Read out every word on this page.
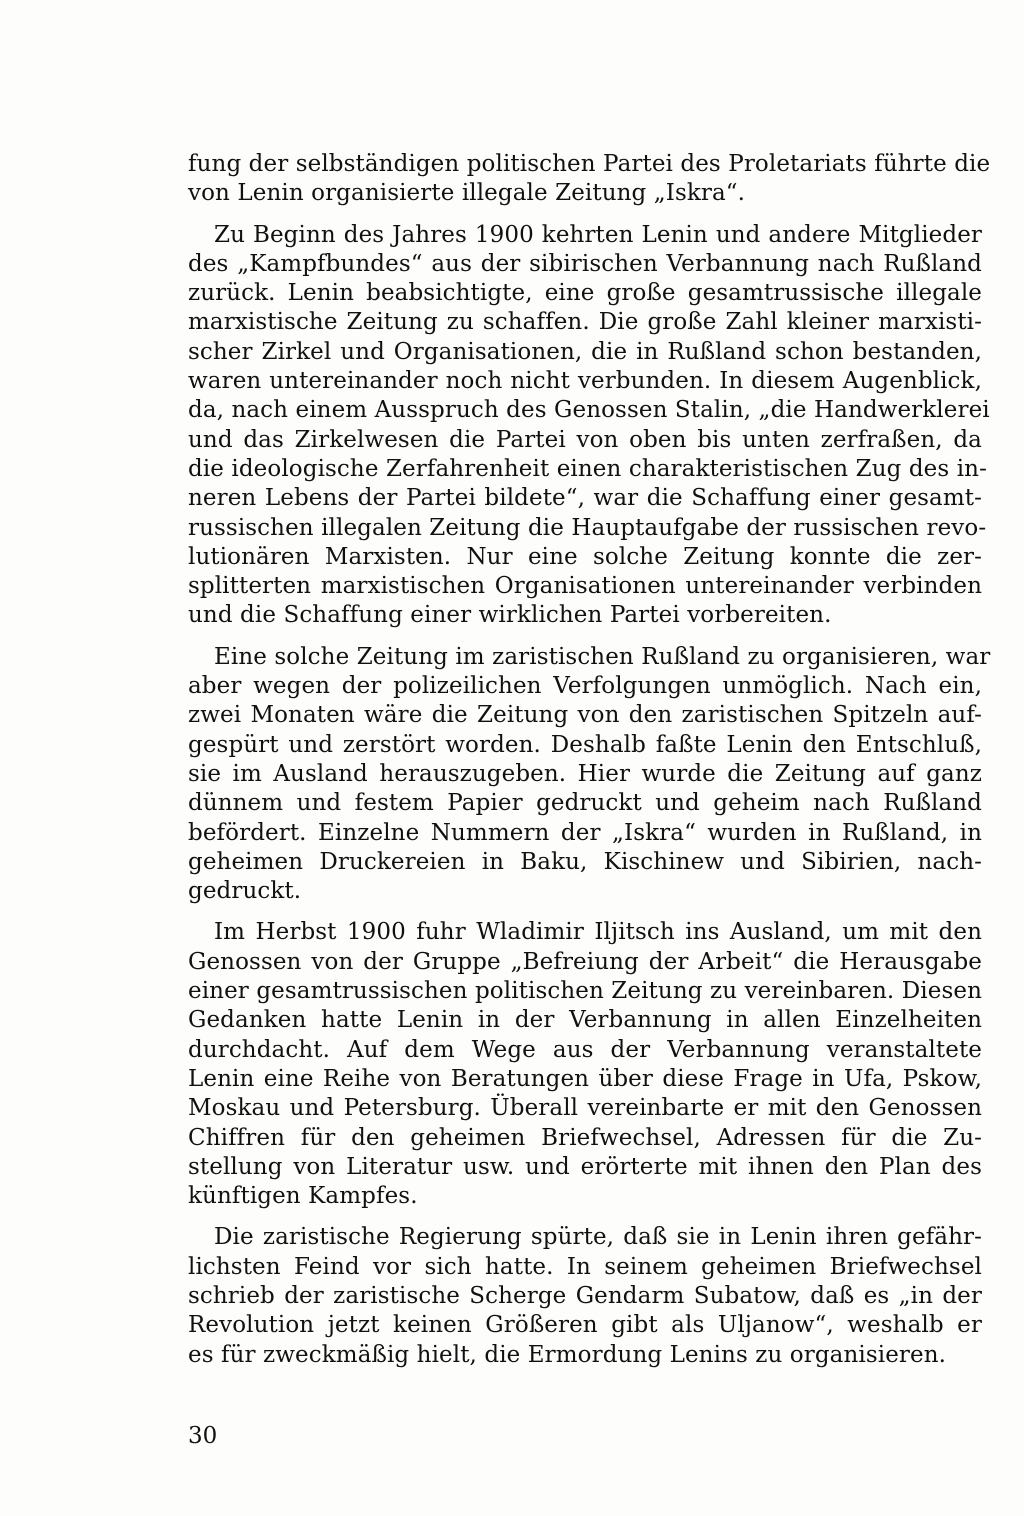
fung der selbständigen politischen Partei des Proletariats führte die
von Lenin organisierte illegale Zeitung „Iskra“.

Zu Beginn des Jahres 1900 kehrten Lenin und andere Mitglieder
des „Kampfbundes“ aus der sibirischen Verbannung nach Rußland
zurück. Lenin beabsichtigte, eine große gesamtrussische illegale
marxistische Zeitung zu schaffen. Die große Zahl kleiner marxisti-
scher Zirkel und Organisationen, die in Rußland schon bestanden,
waren untereinander noch nicht verbunden. In diesem Augenblick,
da, nach einem Ausspruch des Genossen Stalin, „die Handwerklerei
und das Zirkelwesen die Partei von oben bis unten zerfraßen, da
die ideologische Zerfahrenheit einen charakteristischen Zug des in-
neren Lebens der Partei bildete“, war die Schaffung einer gesamt-
russischen illegalen Zeitung die Hauptaufgabe der russischen revo-
lutionären Marxisten. Nur eine solche Zeitung konnte die zer-
splitterten marxistischen Organisationen untereinander verbinden
und die Schaffung einer wirklichen Partei vorbereiten.

Eine solche Zeitung im zaristischen Rußland zu organisieren, war
aber wegen der polizeilichen Verfolgungen unmöglich. Nach ein,
zwei Monaten wäre die Zeitung von den zaristischen Spitzeln auf-
gespürt und zerstört worden. Deshalb faßte Lenin den Entschluß,
sie im Ausland herauszugeben. Hier wurde die Zeitung auf ganz
dünnem und festem Papier gedruckt und geheim nach Rußland
befördert. Einzelne Nummern der „Iskra“ wurden in Rußland, in
geheimen Druckereien in Baku, Kischinew und Sibirien, nach-
gedruckt.

Im Herbst 1900 fuhr Wladimir Iljitsch ins Ausland, um mit den
Genossen von der Gruppe „Befreiung der Arbeit“ die Herausgabe
einer gesamtrussischen politischen Zeitung zu vereinbaren. Diesen
Gedanken hatte Lenin in der Verbannung in allen Einzelheiten
durchdacht. Auf dem Wege aus der Verbannung veranstaltete
Lenin eine Reihe von Beratungen über diese Frage in Ufa, Pskow,
Moskau und Petersburg. Überall vereinbarte er mit den Genossen
Chiffren für den geheimen Briefwechsel, Adressen für die Zu-
stellung von Literatur usw. und erörterte mit ihnen den Plan des
künftigen Kampfes.

Die zaristische Regierung spürte, daß sie in Lenin ihren gefähr-
lichsten Feind vor sich hatte. In seinem geheimen Briefwechsel
schrieb der zaristische Scherge Gendarm Subatow, daß es „in der
Revolution jetzt keinen Größeren gibt als Uljanow“, weshalb er
es für zweckmäßig hielt, die Ermordung Lenins zu organisieren.

30
